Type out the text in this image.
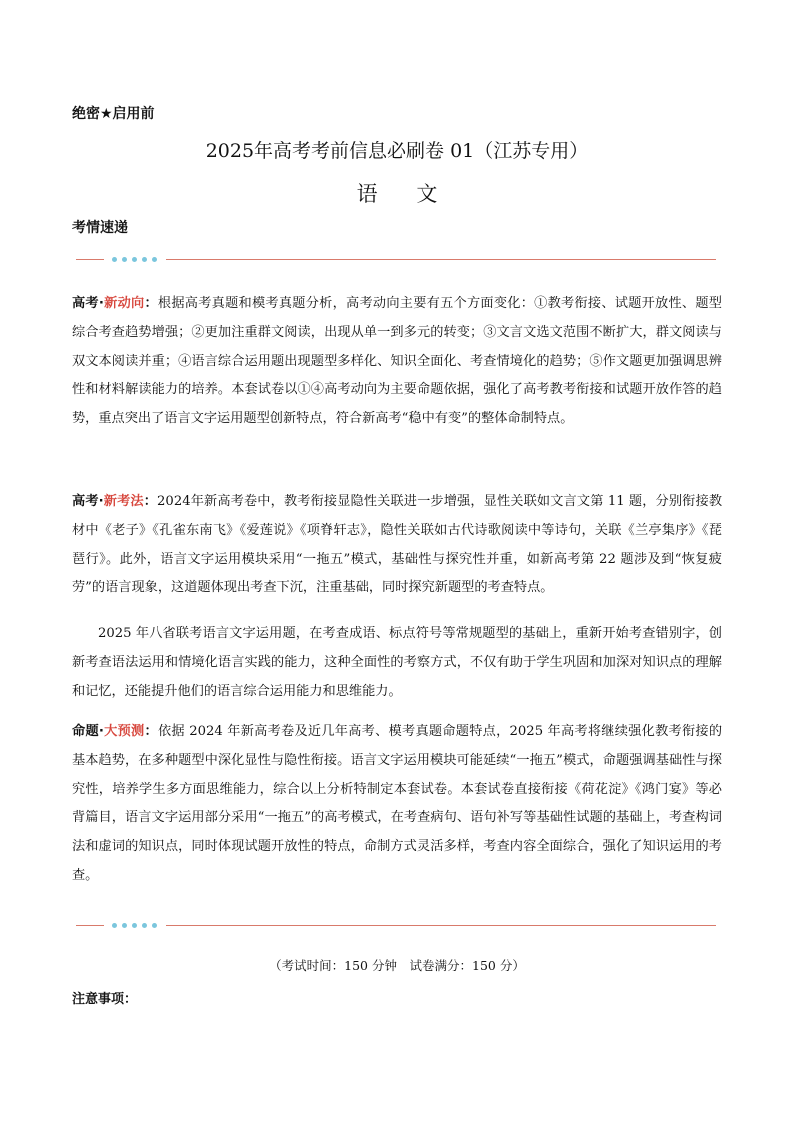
绝密★启用前
2025年高考考前信息必刷卷 01（江苏专用）
语 文
考情速递
高考·新动向：根据高考真题和模考真题分析，高考动向主要有五个方面变化：①教考衔接、试题开放性、题型综合考查趋势增强；②更加注重群文阅读，出现从单一到多元的转变；③文言文选文范围不断扩大，群文阅读与双文本阅读并重；④语言综合运用题出现题型多样化、知识全面化、考查情境化的趋势；⑤作文题更加强调思辨性和材料解读能力的培养。本套试卷以①④高考动向为主要命题依据，强化了高考教考衔接和试题开放作答的趋势，重点突出了语言文字运用题型创新特点，符合新高考“稳中有变”的整体命制特点。
高考·新考法：2024年新高考卷中，教考衔接显隐性关联进一步增强，显性关联如文言文第 11 题，分别衔接教材中《老子》《孔雀东南飞》《爱莲说》《项脊轩志》，隐性关联如古代诗歌阅读中等诗句，关联《兰亭集序》《琵琶行》。此外，语言文字运用模块采用“一拖五”模式，基础性与探究性并重，如新高考第 22 题涉及到“恢复疲劳”的语言现象，这道题体现出考查下沉，注重基础，同时探究新题型的考查特点。
2025 年八省联考语言文字运用题，在考查成语、标点符号等常规题型的基础上，重新开始考查错别字，创新考查语法运用和情境化语言实践的能力，这种全面性的考察方式，不仅有助于学生巩固和加深对知识点的理解和记忆，还能提升他们的语言综合运用能力和思维能力。
命题·大预测：依据 2024 年新高考卷及近几年高考、模考真题命题特点，2025 年高考将继续强化教考衔接的基本趋势，在多种题型中深化显性与隐性衔接。语言文字运用模块可能延续“一拖五”模式，命题强调基础性与探究性，培养学生多方面思维能力，综合以上分析特制定本套试卷。本套试卷直接衔接《荷花淀》《鸿门宴》等必背篇目，语言文字运用部分采用“一拖五”的高考模式，在考查病句、语句补写等基础性试题的基础上，考查构词法和虚词的知识点，同时体现试题开放性的特点，命制方式灵活多样，考查内容全面综合，强化了知识运用的考查。
（考试时间：150 分钟　试卷满分：150 分）
注意事项：
